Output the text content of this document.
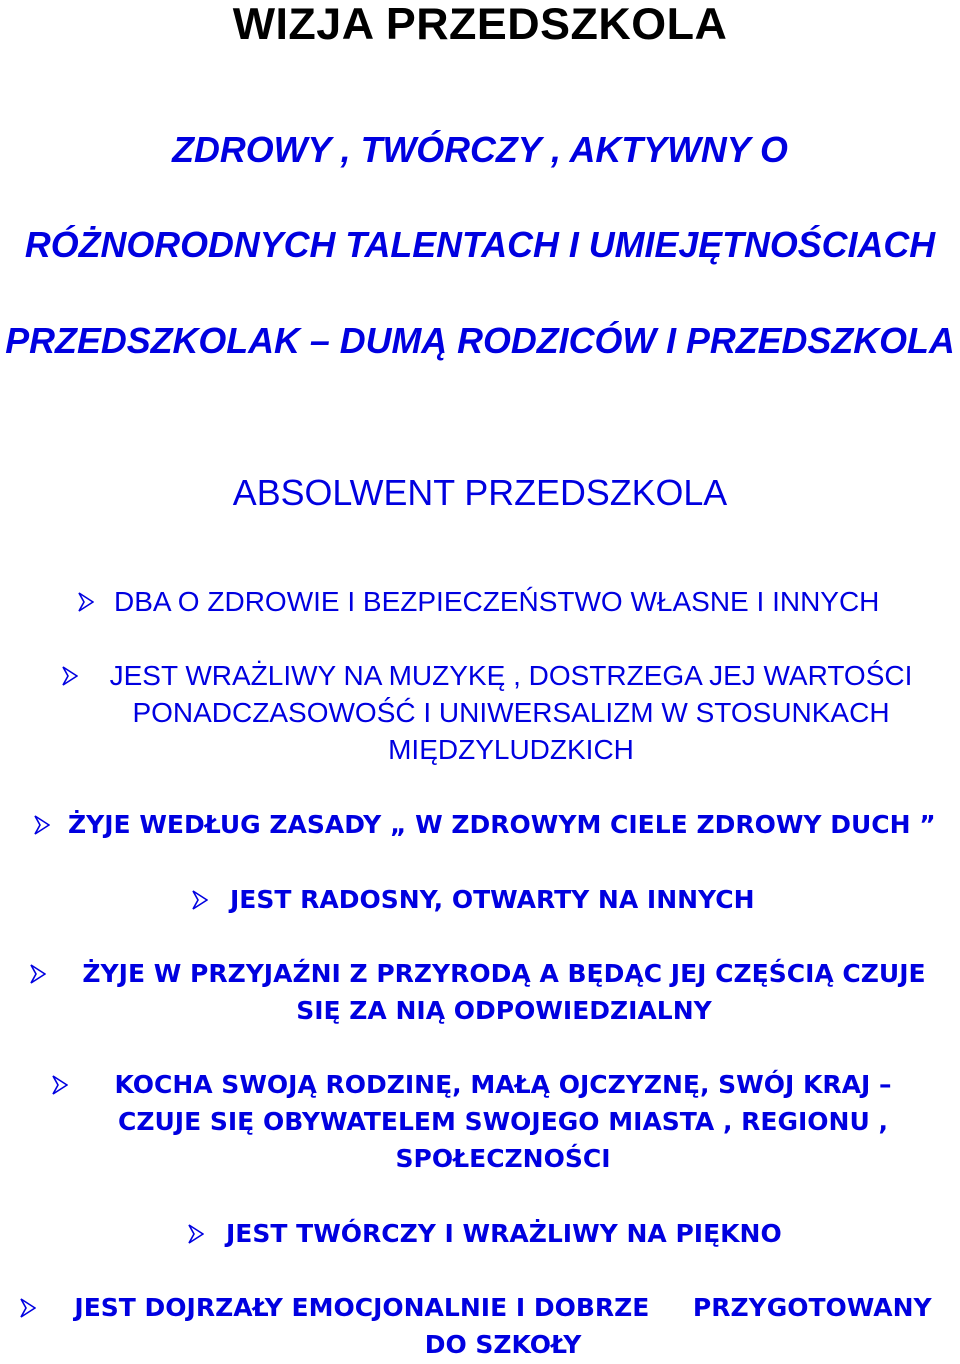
WIZJA PRZEDSZKOLA
ZDROWY , TWÓRCZY , AKTYWNY O
RÓŻNORODNYCH TALENTACH I UMIEJĘTNOŚCIACH
PRZEDSZKOLAK – DUMĄ RODZICÓW I PRZEDSZKOLA
ABSOLWENT PRZEDSZKOLA
DBA O ZDROWIE I BEZPIECZEŃSTWO WŁASNE I INNYCH
JEST WRAŻLIWY NA MUZYKĘ , DOSTRZEGA JEJ WARTOŚCI
PONADCZASOWOŚĆ I UNIWERSALIZM W STOSUNKACH
MIĘDZYLUDZKICH
ŻYJE WEDŁUG ZASADY „ W ZDROWYM CIELE ZDROWY DUCH ”
JEST RADOSNY, OTWARTY NA INNYCH
ŻYJE W PRZYJAŹNI Z PRZYRODĄ A BĘDĄC JEJ CZĘŚCIĄ CZUJE
SIĘ ZA NIĄ ODPOWIEDZIALNY
KOCHA SWOJĄ RODZINĘ, MAŁĄ OJCZYZNĘ, SWÓJ KRAJ –
CZUJE SIĘ OBYWATELEM SWOJEGO MIASTA , REGIONU ,
SPOŁECZNOŚCI
JEST TWÓRCZY I WRAŻLIWY NA PIĘKNO
JEST DOJRZAŁY EMOCJONALNIE I DOBRZE     PRZYGOTOWANY
DO SZKOŁY
